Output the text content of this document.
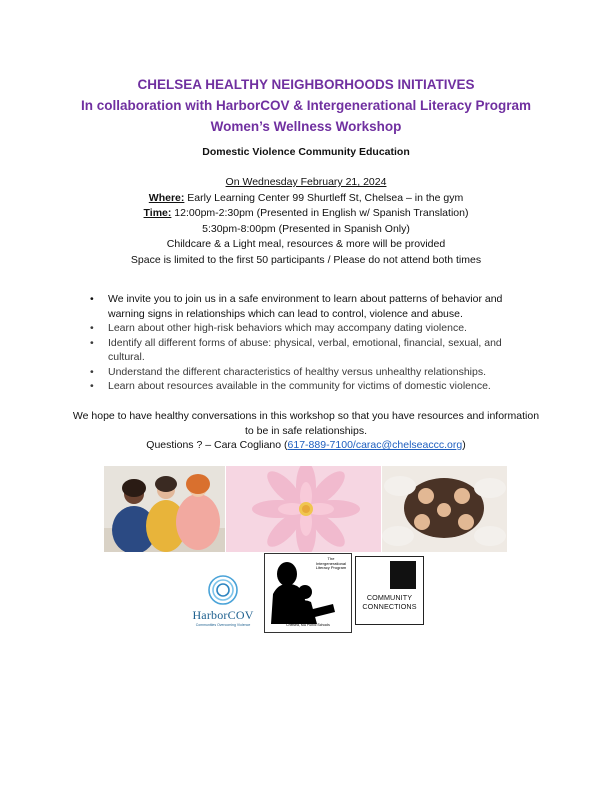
CHELSEA HEALTHY NEIGHBORHOODS INITIATIVES
In collaboration with HarborCOV & Intergenerational Literacy Program
Women’s Wellness Workshop
Domestic Violence Community Education
On Wednesday February 21, 2024
Where: Early Learning Center 99 Shurtleff St, Chelsea – in the gym
Time: 12:00pm-2:30pm (Presented in English w/ Spanish Translation)
5:30pm-8:00pm (Presented in Spanish Only)
Childcare & a Light meal, resources & more will be provided
Space is limited to the first 50 participants / Please do not attend both times
• We invite you to join us in a safe environment to learn about patterns of behavior and warning signs in relationships which can lead to control, violence and abuse.
• Learn about other high-risk behaviors which may accompany dating violence.
• Identify all different forms of abuse: physical, verbal, emotional, financial, sexual, and cultural.
• Understand the different characteristics of healthy versus unhealthy relationships.
• Learn about resources available in the community for victims of domestic violence.
We hope to have healthy conversations in this workshop so that you have resources and information to be in safe relationships.
Questions ? – Cara Cogliano (617-889-7100/carac@chelseaccc.org)
HarborCOV
Communities Overcoming Violence
The Intergenerational Literacy Program
Chelsea, MA Public Schools
COMMUNITY
CONNECTIONS
